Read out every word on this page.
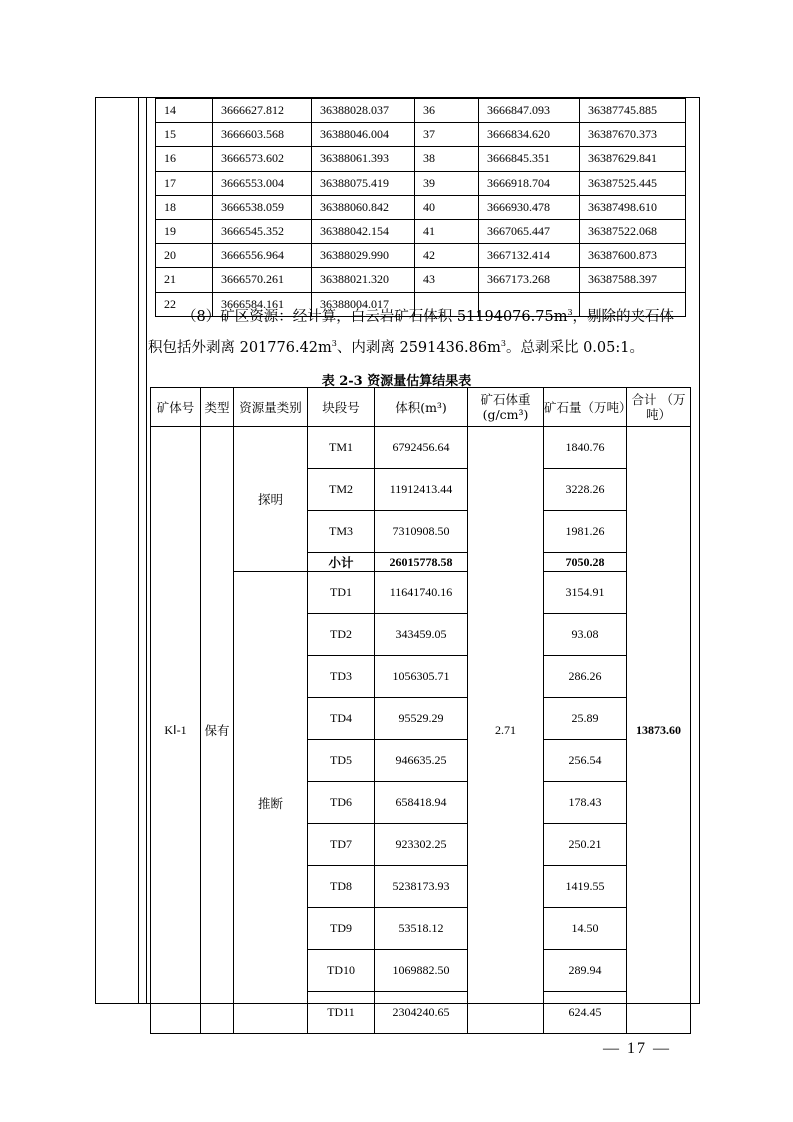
14	3666627.812	36388028.037	36	3666847.093	36387745.885
15	3666603.568	36388046.004	37	3666834.620	36387670.373
16	3666573.602	36388061.393	38	3666845.351	36387629.841
17	3666553.004	36388075.419	39	3666918.704	36387525.445
18	3666538.059	36388060.842	40	3666930.478	36387498.610
19	3666545.352	36388042.154	41	3667065.447	36387522.068
20	3666556.964	36388029.990	42	3667132.414	36387600.873
21	3666570.261	36388021.320	43	3667173.268	36387588.397
22	3666584.161	36388004.017			
（8）矿区资源：经计算，白云岩矿石体积 $51194076.75m^3$，剔除的夹石体
积包括外剥离 $201776.42m^3$、内剥离 $2591436.86m^3$。总剥采比 0.05:1。
表 2-3 资源量估算结果表
矿体号	类型	资源量类别	块段号	体积(m³)	矿石体重 (g/cm³)	矿石量（万吨）	合计 （万吨）
KⅠ-1	保有	探明	TM1	6792456.64	2.71	1840.76	13873.60
			TM2	11912413.44		3228.26	
			TM3	7310908.50		1981.26	
			小计	26015778.58		7050.28	
		推断	TD1	11641740.16		3154.91	
			TD2	343459.05		93.08	
			TD3	1056305.71		286.26	
			TD4	95529.29		25.89	
			TD5	946635.25		256.54	
			TD6	658418.94		178.43	
			TD7	923302.25		250.21	
			TD8	5238173.93		1419.55	
			TD9	53518.12		14.50	
			TD10	1069882.50		289.94	
			TD11	2304240.65		624.45	
— 17 —
